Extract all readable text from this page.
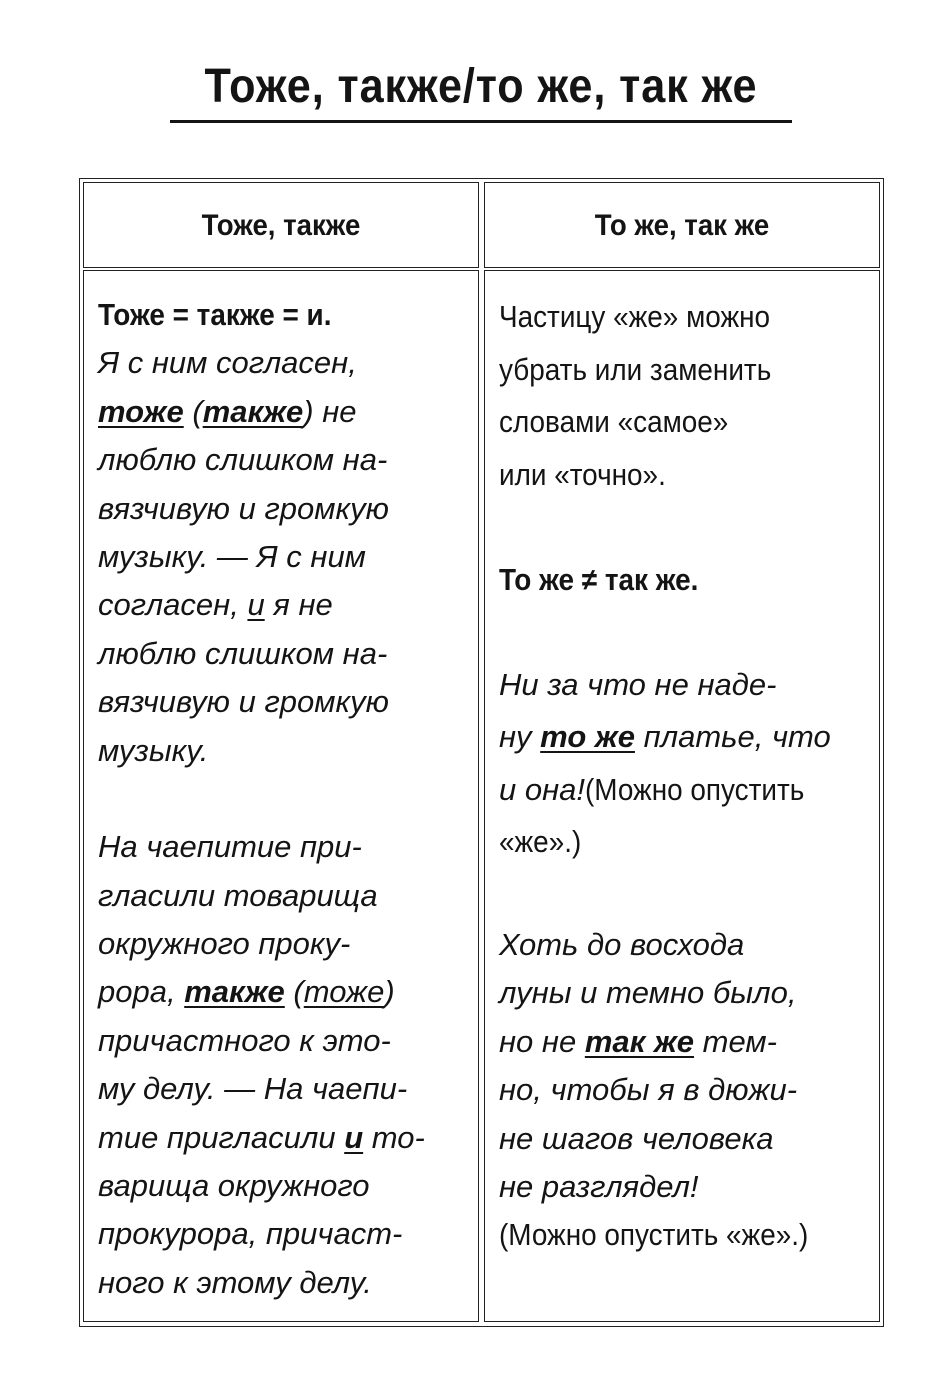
Тоже, также/то же, так же
Тоже, также	То же, так же
Тоже = также = и.
Я с ним согласен,
тоже (также) не
люблю слишком на-
вязчивую и громкую
музыку. — Я с ним
согласен, и я не
люблю слишком на-
вязчивую и громкую
музыку.
На чаепитие при-
гласили товарища
окружного проку-
рора, также (тоже)
причастного к это-
му делу. — На чаепи-
тие пригласили и то-
варища окружного
прокурора, причаст-
ного к этому делу.
Частицу «же» можно
убрать или заменить
словами «самое»
или «точно».
То же ≠ так же.
Ни за что не наде-
ну то же платье, что
и она!(Можно опустить
«же».)
Хоть до восхода
луны и темно было,
но не так же тем-
но, чтобы я в дюжи-
не шагов человека
не разглядел!
(Можно опустить «же».)
